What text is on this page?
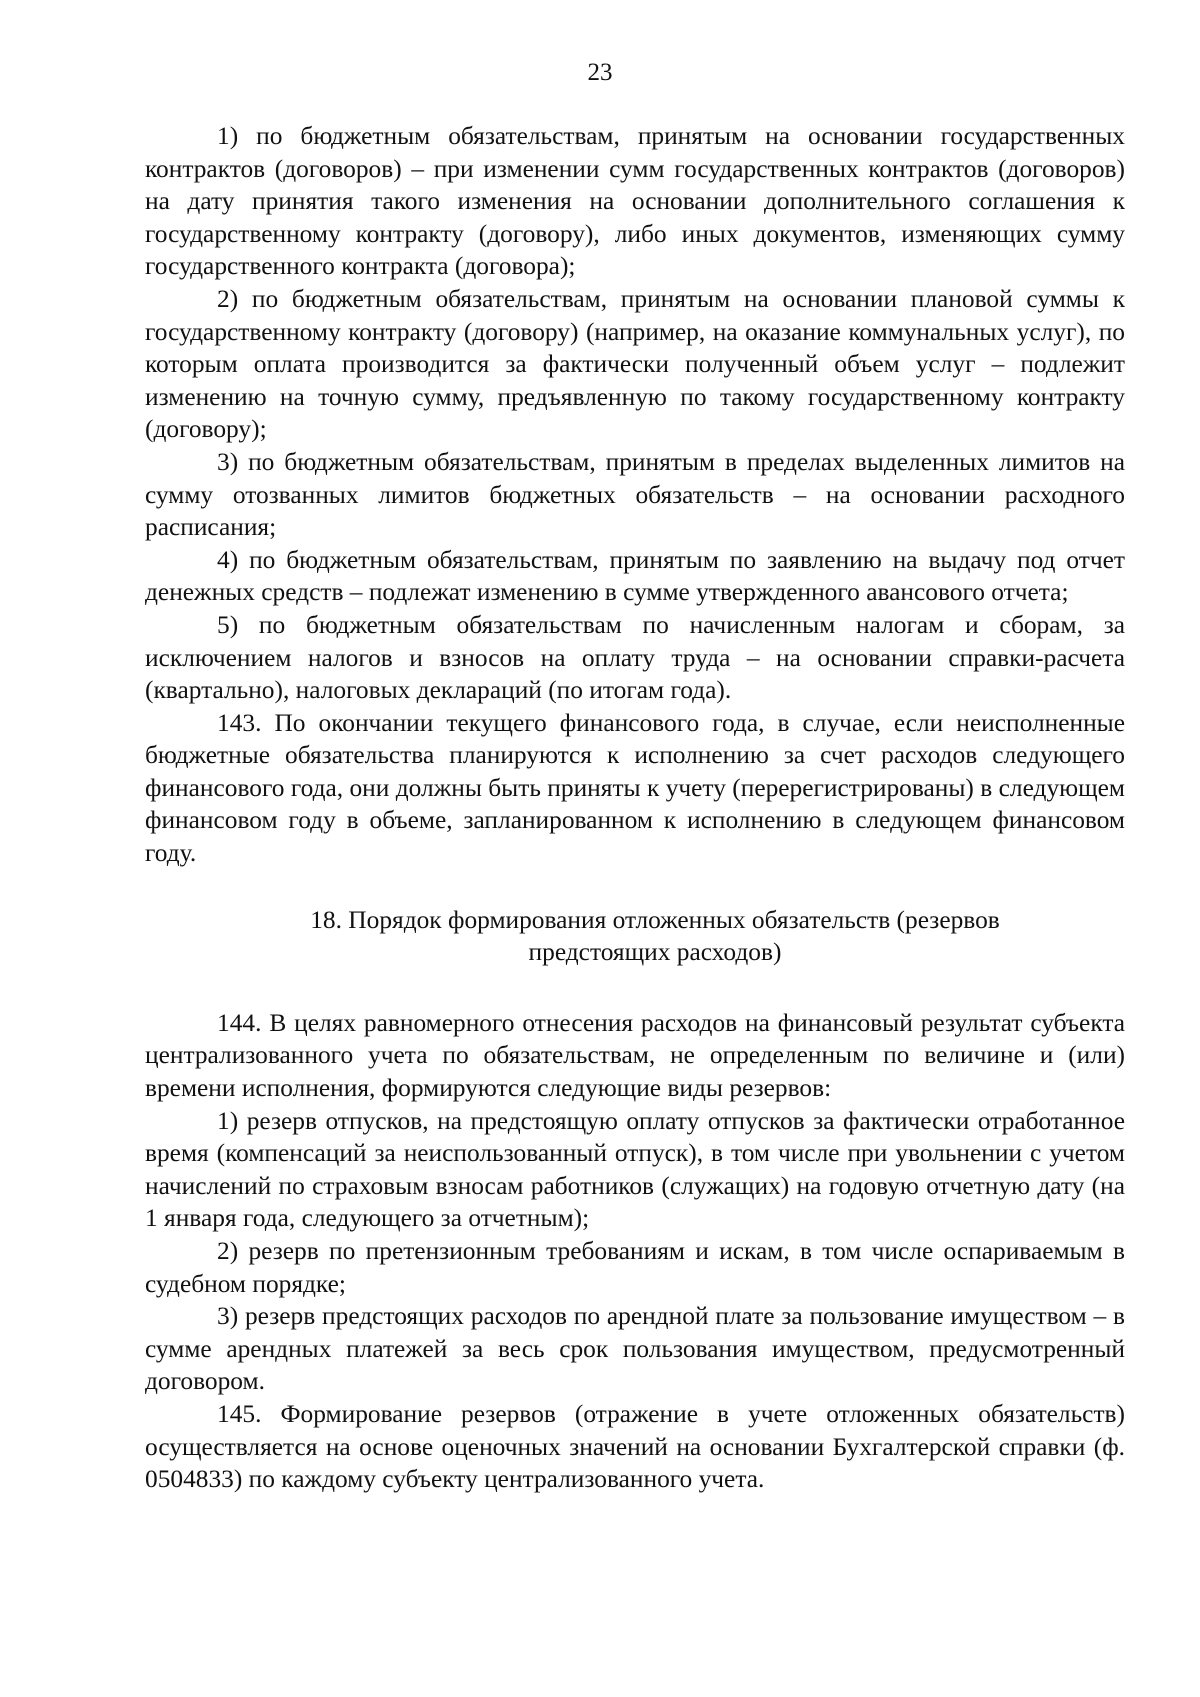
23

1) по бюджетным обязательствам, принятым на основании государственных контрактов (договоров) – при изменении сумм государственных контрактов (договоров) на дату принятия такого изменения на основании дополнительного соглашения к государственному контракту (договору), либо иных документов, изменяющих сумму государственного контракта (договора);

2) по бюджетным обязательствам, принятым на основании плановой суммы к государственному контракту (договору) (например, на оказание коммунальных услуг), по которым оплата производится за фактически полученный объем услуг – подлежит изменению на точную сумму, предъявленную по такому государственному контракту (договору);

3) по бюджетным обязательствам, принятым в пределах выделенных лимитов на сумму отозванных лимитов бюджетных обязательств – на основании расходного расписания;

4) по бюджетным обязательствам, принятым по заявлению на выдачу под отчет денежных средств – подлежат изменению в сумме утвержденного авансового отчета;

5) по бюджетным обязательствам по начисленным налогам и сборам, за исключением налогов и взносов на оплату труда – на основании справки-расчета (квартально), налоговых деклараций (по итогам года).

143. По окончании текущего финансового года, в случае, если неисполненные бюджетные обязательства планируются к исполнению за счет расходов следующего финансового года, они должны быть приняты к учету (перерегистрированы) в следующем финансовом году в объеме, запланированном к исполнению в следующем финансовом году.

18. Порядок формирования отложенных обязательств (резервов
предстоящих расходов)

144. В целях равномерного отнесения расходов на финансовый результат субъекта централизованного учета по обязательствам, не определенным по величине и (или) времени исполнения, формируются следующие виды резервов:

1) резерв отпусков, на предстоящую оплату отпусков за фактически отработанное время (компенсаций за неиспользованный отпуск), в том числе при увольнении с учетом начислений по страховым взносам работников (служащих) на годовую отчетную дату (на 1 января года, следующего за отчетным);

2) резерв по претензионным требованиям и искам, в том числе оспариваемым в судебном порядке;

3) резерв предстоящих расходов по арендной плате за пользование имуществом – в сумме арендных платежей за весь срок пользования имуществом, предусмотренный договором.

145. Формирование резервов (отражение в учете отложенных обязательств) осуществляется на основе оценочных значений на основании Бухгалтерской справки (ф. 0504833) по каждому субъекту централизованного учета.
